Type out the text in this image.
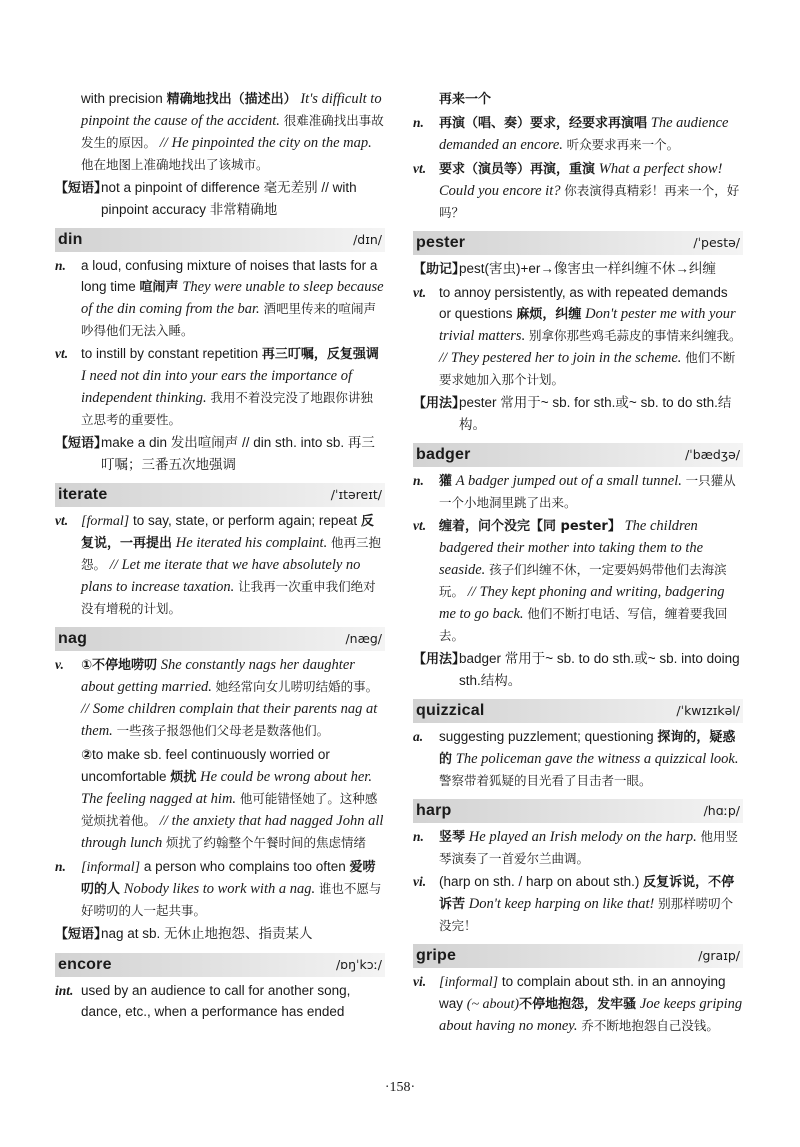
with precision 精确地找出（描述出） It's difficult to pinpoint the cause of the accident. 很难准确找出事故发生的原因。 // He pinpointed the city on the map. 他在地图上准确地找出了该城市。

【短语】not a pinpoint of difference 毫无差别 // with pinpoint accuracy 非常精确地

din	/dɪn/

n. a loud, confusing mixture of noises that lasts for a long time 喧闹声 They were unable to sleep because of the din coming from the bar. 酒吧里传来的喧闹声吵得他们无法入睡。

vt. to instill by constant repetition 再三叮嘱，反复强调 I need not din into your ears the importance of independent thinking. 我用不着没完没了地跟你讲独立思考的重要性。

【短语】make a din 发出喧闹声 // din sth. into sb. 再三叮嘱；三番五次地强调

iterate	/ˈɪtəreɪt/

vt. [formal] to say, state, or perform again; repeat 反复说，一再提出 He iterated his complaint. 他再三抱怨。 // Let me iterate that we have absolutely no plans to increase taxation. 让我再一次重申我们绝对没有增税的计划。

nag	/næg/

v. ①不停地唠叨 She constantly nags her daughter about getting married. 她经常向女儿唠叨结婚的事。 // Some children complain that their parents nag at them. 一些孩子报怨他们父母老是数落他们。

②to make sb. feel continuously worried or uncomfortable 烦扰 He could be wrong about her. The feeling nagged at him. 他可能错怪她了。这种感觉烦扰着他。 // the anxiety that had nagged John all through lunch 烦扰了约翰整个午餐时间的焦虑情绪

n. [informal] a person who complains too often 爱唠叨的人 Nobody likes to work with a nag. 谁也不愿与好唠叨的人一起共事。

【短语】nag at sb. 无休止地抱怨、指责某人

encore	/ɒŋˈkɔː/

int. used by an audience to call for another song, dance, etc., when a performance has ended

再来一个

n. 再演（唱、奏）要求，经要求再演唱 The audience demanded an encore. 听众要求再来一个。

vt. 要求（演员等）再演，重演 What a perfect show! Could you encore it? 你表演得真精彩！再来一个，好吗？

pester	/ˈpestə/

【助记】pest(害虫)+er→像害虫一样纠缠不休→纠缠

vt. to annoy persistently, as with repeated demands or questions 麻烦，纠缠 Don't pester me with your trivial matters. 别拿你那些鸡毛蒜皮的事情来纠缠我。 // They pestered her to join in the scheme. 他们不断要求她加入那个计划。

【用法】pester 常用于~ sb. for sth.或~ sb. to do sth.结构。

badger	/ˈbædʒə/

n. 獾 A badger jumped out of a small tunnel. 一只獾从一个小地洞里跳了出来。

vt. 缠着，问个没完【同 pester】 The children badgered their mother into taking them to the seaside. 孩子们纠缠不休，一定要妈妈带他们去海滨玩。 // They kept phoning and writing, badgering me to go back. 他们不断打电话、写信，缠着要我回去。

【用法】badger 常用于~ sb. to do sth.或~ sb. into doing sth.结构。

quizzical	/ˈkwɪzɪkəl/

a. suggesting puzzlement; questioning 探询的，疑惑的 The policeman gave the witness a quizzical look. 警察带着狐疑的目光看了目击者一眼。

harp	/hɑːp/

n. 竖琴 He played an Irish melody on the harp. 他用竖琴演奏了一首爱尔兰曲调。

vi. (harp on sth. / harp on about sth.) 反复诉说，不停诉苦 Don't keep harping on like that! 别那样唠叨个没完！

gripe	/graɪp/

vi. [informal] to complain about sth. in an annoying way (~ about)不停地抱怨，发牢骚 Joe keeps griping about having no money. 乔不断地抱怨自己没钱。

·158·
